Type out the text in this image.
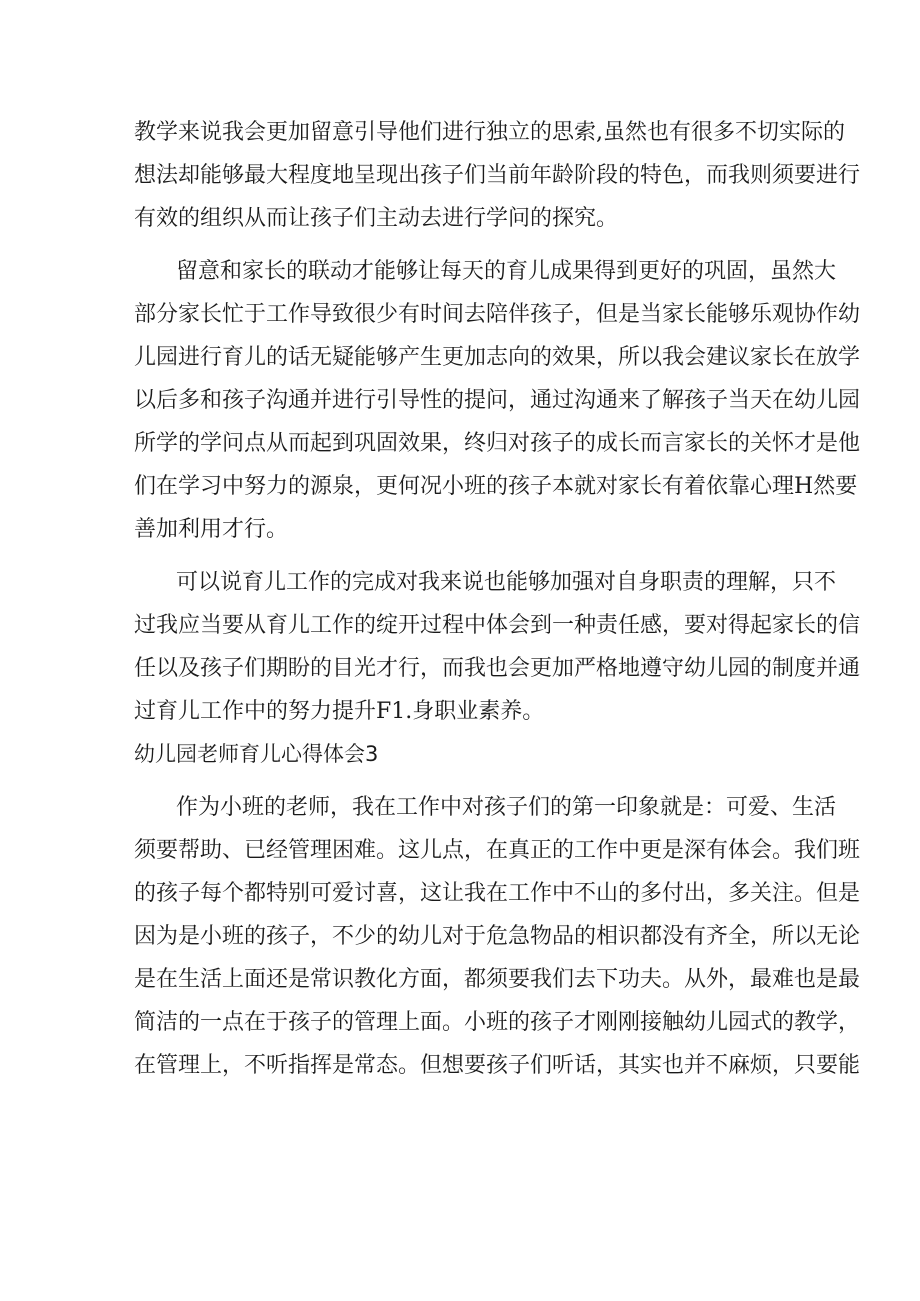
教学来说我会更加留意引导他们进行独立的思索,虽然也有很多不切实际的
想法却能够最大程度地呈现出孩子们当前年龄阶段的特色，而我则须要进行
有效的组织从而让孩子们主动去进行学问的探究。
留意和家长的联动才能够让每天的育儿成果得到更好的巩固，虽然大
部分家长忙于工作导致很少有时间去陪伴孩子，但是当家长能够乐观协作幼
儿园进行育儿的话无疑能够产生更加志向的效果，所以我会建议家长在放学
以后多和孩子沟通并进行引导性的提问，通过沟通来了解孩子当天在幼儿园
所学的学问点从而起到巩固效果，终归对孩子的成长而言家长的关怀才是他
们在学习中努力的源泉，更何况小班的孩子本就对家长有着依靠心理H然要
善加利用才行。
可以说育儿工作的完成对我来说也能够加强对自身职责的理解，只不
过我应当要从育儿工作的绽开过程中体会到一种责任感，要对得起家长的信
任以及孩子们期盼的目光才行，而我也会更加严格地遵守幼儿园的制度并通
过育儿工作中的努力提升F1.身职业素养。
幼儿园老师育儿心得体会3
作为小班的老师，我在工作中对孩子们的第一印象就是：可爱、生活
须要帮助、已经管理困难。这儿点，在真正的工作中更是深有体会。我们班
的孩子每个都特别可爱讨喜，这让我在工作中不山的多付出，多关注。但是
因为是小班的孩子，不少的幼儿对于危急物品的相识都没有齐全，所以无论
是在生活上面还是常识教化方面，都须要我们去下功夫。从外，最难也是最
简洁的一点在于孩子的管理上面。小班的孩子才刚刚接触幼儿园式的教学，
在管理上，不听指挥是常态。但想要孩子们听话，其实也并不麻烦，只要能
